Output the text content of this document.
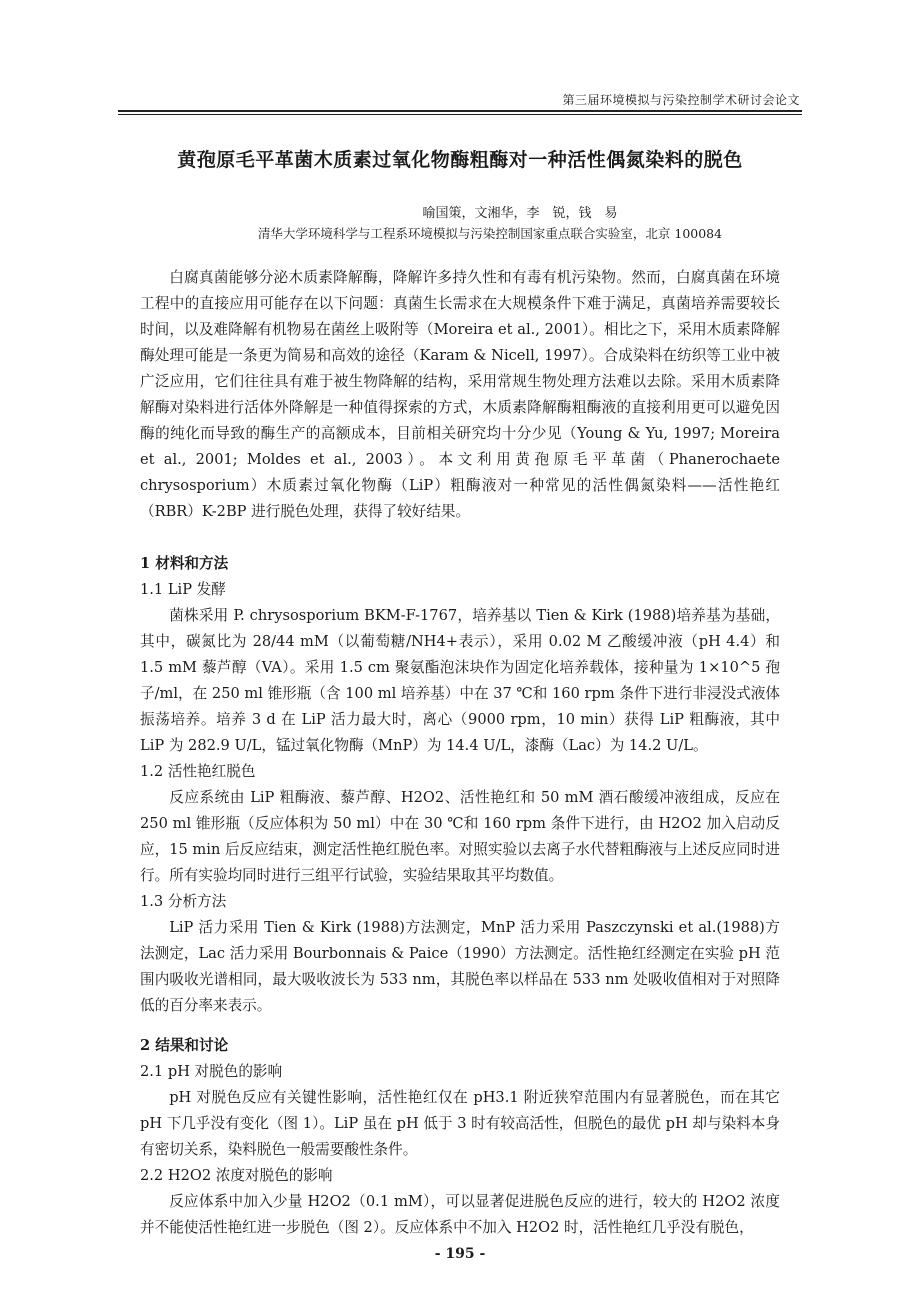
第三届环境模拟与污染控制学术研讨会论文
黄孢原毛平革菌木质素过氧化物酶粗酶对一种活性偶氮染料的脱色
喻国策，文湘华，李　锐，钱　易
清华大学环境科学与工程系环境模拟与污染控制国家重点联合实验室，北京 100084

白腐真菌能够分泌木质素降解酶，降解许多持久性和有毒有机污染物。然而，白腐真菌在环境工程中的直接应用可能存在以下问题：真菌生长需求在大规模条件下难于满足，真菌培养需要较长时间，以及难降解有机物易在菌丝上吸附等（Moreira et al., 2001）。相比之下，采用木质素降解酶处理可能是一条更为简易和高效的途径（Karam & Nicell, 1997）。合成染料在纺织等工业中被广泛应用，它们往往具有难于被生物降解的结构，采用常规生物处理方法难以去除。采用木质素降解酶对染料进行活体外降解是一种值得探索的方式，木质素降解酶粗酶液的直接利用更可以避免因酶的纯化而导致的酶生产的高额成本，目前相关研究均十分少见（Young & Yu, 1997; Moreira et al., 2001; Moldes et al., 2003）。本文利用黄孢原毛平革菌（Phanerochaete chrysosporium）木质素过氧化物酶（LiP）粗酶液对一种常见的活性偶氮染料——活性艳红（RBR）K-2BP 进行脱色处理，获得了较好结果。

1 材料和方法

1.1 LiP 发酵

菌株采用 P. chrysosporium BKM-F-1767，培养基以 Tien & Kirk (1988)培养基为基础，其中，碳氮比为 28/44 mM（以葡萄糖/NH4+表示），采用 0.02 M 乙酸缓冲液（pH 4.4）和 1.5 mM 藜芦醇（VA）。采用 1.5 cm 聚氨酯泡沫块作为固定化培养载体，接种量为 1×10^5 孢子/ml，在 250 ml 锥形瓶（含 100 ml 培养基）中在 37 ℃和 160 rpm 条件下进行非浸没式液体振荡培养。培养 3 d 在 LiP 活力最大时，离心（9000 rpm，10 min）获得 LiP 粗酶液，其中 LiP 为 282.9 U/L，锰过氧化物酶（MnP）为 14.4 U/L，漆酶（Lac）为 14.2 U/L。

1.2 活性艳红脱色

反应系统由 LiP 粗酶液、藜芦醇、H2O2、活性艳红和 50 mM 酒石酸缓冲液组成，反应在 250 ml 锥形瓶（反应体积为 50 ml）中在 30 ℃和 160 rpm 条件下进行，由 H2O2 加入启动反应，15 min 后反应结束，测定活性艳红脱色率。对照实验以去离子水代替粗酶液与上述反应同时进行。所有实验均同时进行三组平行试验，实验结果取其平均数值。

1.3 分析方法

LiP 活力采用 Tien & Kirk (1988)方法测定，MnP 活力采用 Paszczynski et al.(1988)方法测定，Lac 活力采用 Bourbonnais & Paice（1990）方法测定。活性艳红经测定在实验 pH 范围内吸收光谱相同，最大吸收波长为 533 nm，其脱色率以样品在 533 nm 处吸收值相对于对照降低的百分率来表示。

2 结果和讨论

2.1 pH 对脱色的影响

pH 对脱色反应有关键性影响，活性艳红仅在 pH3.1 附近狭窄范围内有显著脱色，而在其它 pH 下几乎没有变化（图 1）。LiP 虽在 pH 低于 3 时有较高活性，但脱色的最优 pH 却与染料本身有密切关系，染料脱色一般需要酸性条件。

2.2 H2O2 浓度对脱色的影响

反应体系中加入少量 H2O2（0.1 mM），可以显著促进脱色反应的进行，较大的 H2O2 浓度并不能使活性艳红进一步脱色（图 2）。反应体系中不加入 H2O2 时，活性艳红几乎没有脱色，

- 195 -
